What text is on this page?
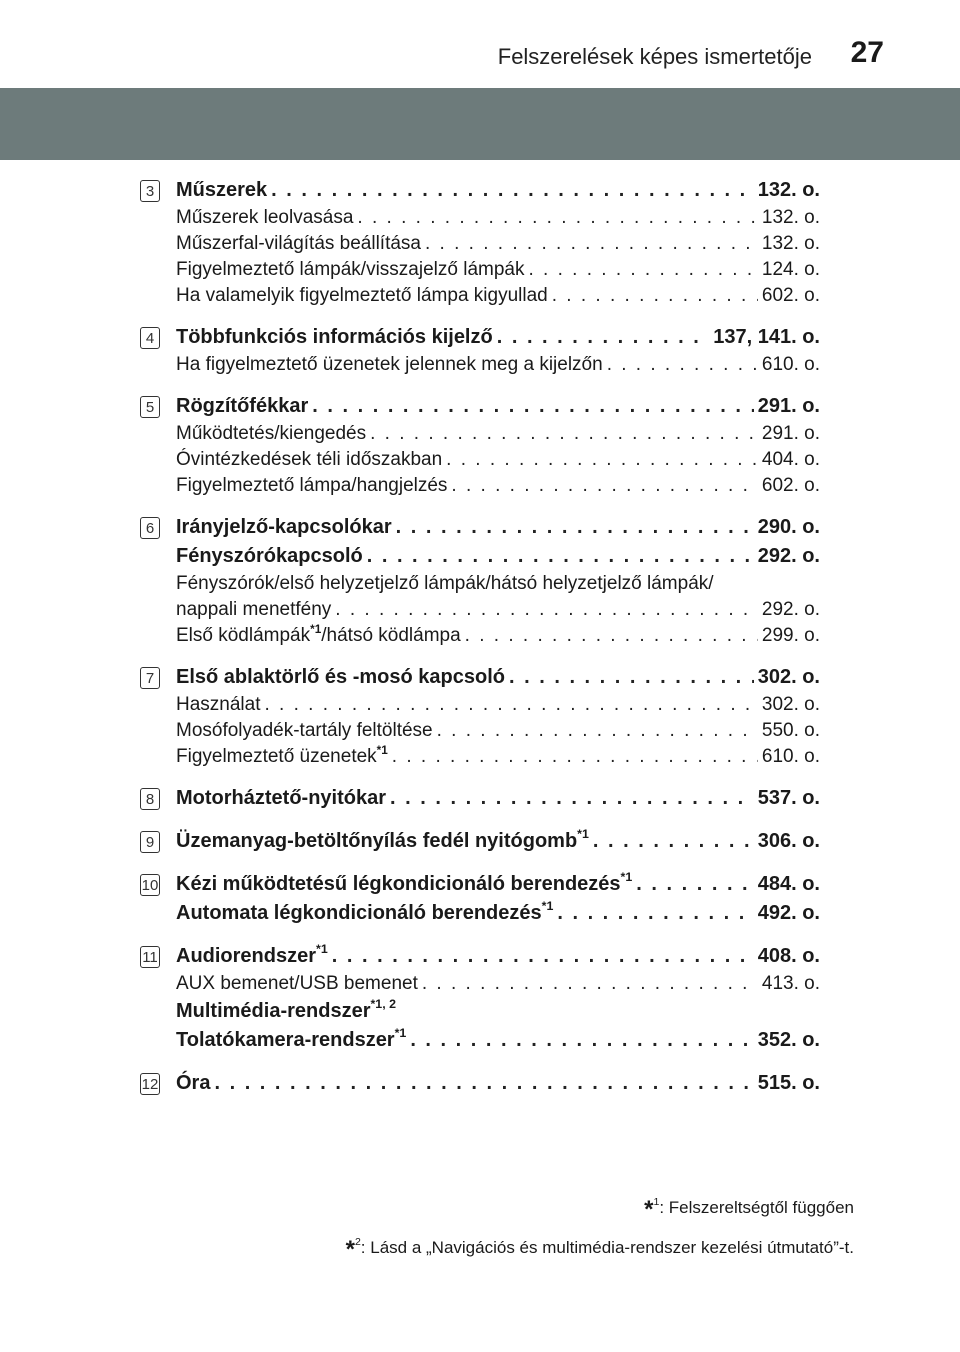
Felszerelések képes ismertetője 27
3 Műszerek . . .	132. o.
Műszerek leolvasása . . .	132. o.
Műszerfal-világítás beállítása . . .	132. o.
Figyelmeztető lámpák/visszajelző lámpák . . .	124. o.
Ha valamelyik figyelmeztető lámpa kigyullad . . .	602. o.
4 Többfunkciós információs kijelző . . .	137, 141. o.
Ha figyelmeztető üzenetek jelennek meg a kijelzőn . . .	610. o.
5 Rögzítőfékkar . . .	291. o.
Működtetés/kiengedés . . .	291. o.
Óvintézkedések téli időszakban . . .	404. o.
Figyelmeztető lámpa/hangjelzés . . .	602. o.
6 Irányjelző-kapcsolókar . . .	290. o.
Fényszórókapcsoló . . .	292. o.
Fényszórók/első helyzetjelző lámpák/hátsó helyzetjelző lámpák/
nappali menetfény . . .	292. o.
Első ködlámpák$^{*1}$/hátsó ködlámpa . . .	299. o.
7 Első ablaktörlő és -mosó kapcsoló . . .	302. o.
Használat . . .	302. o.
Mosófolyadék-tartály feltöltése . . .	550. o.
Figyelmeztető üzenetek$^{*1}$ . . .	610. o.
8 Motorháztető-nyitókar . . .	537. o.
9 Üzemanyag-betöltőnyílás fedél nyitógomb$^{*1}$ . . .	306. o.
10 Kézi működtetésű légkondicionáló berendezés$^{*1}$ . . .	484. o.
Automata légkondicionáló berendezés$^{*1}$ . . .	492. o.
11 Audiorendszer$^{*1}$ . . .	408. o.
AUX bemenet/USB bemenet . . .	413. o.
Multimédia-rendszer$^{*1, 2}$
Tolatókamera-rendszer$^{*1}$ . . .	352. o.
12 Óra . . .	515. o.
*$^1$: Felszereltségtől függően
*$^2$: Lásd a „Navigációs és multimédia-rendszer kezelési útmutató”-t.
